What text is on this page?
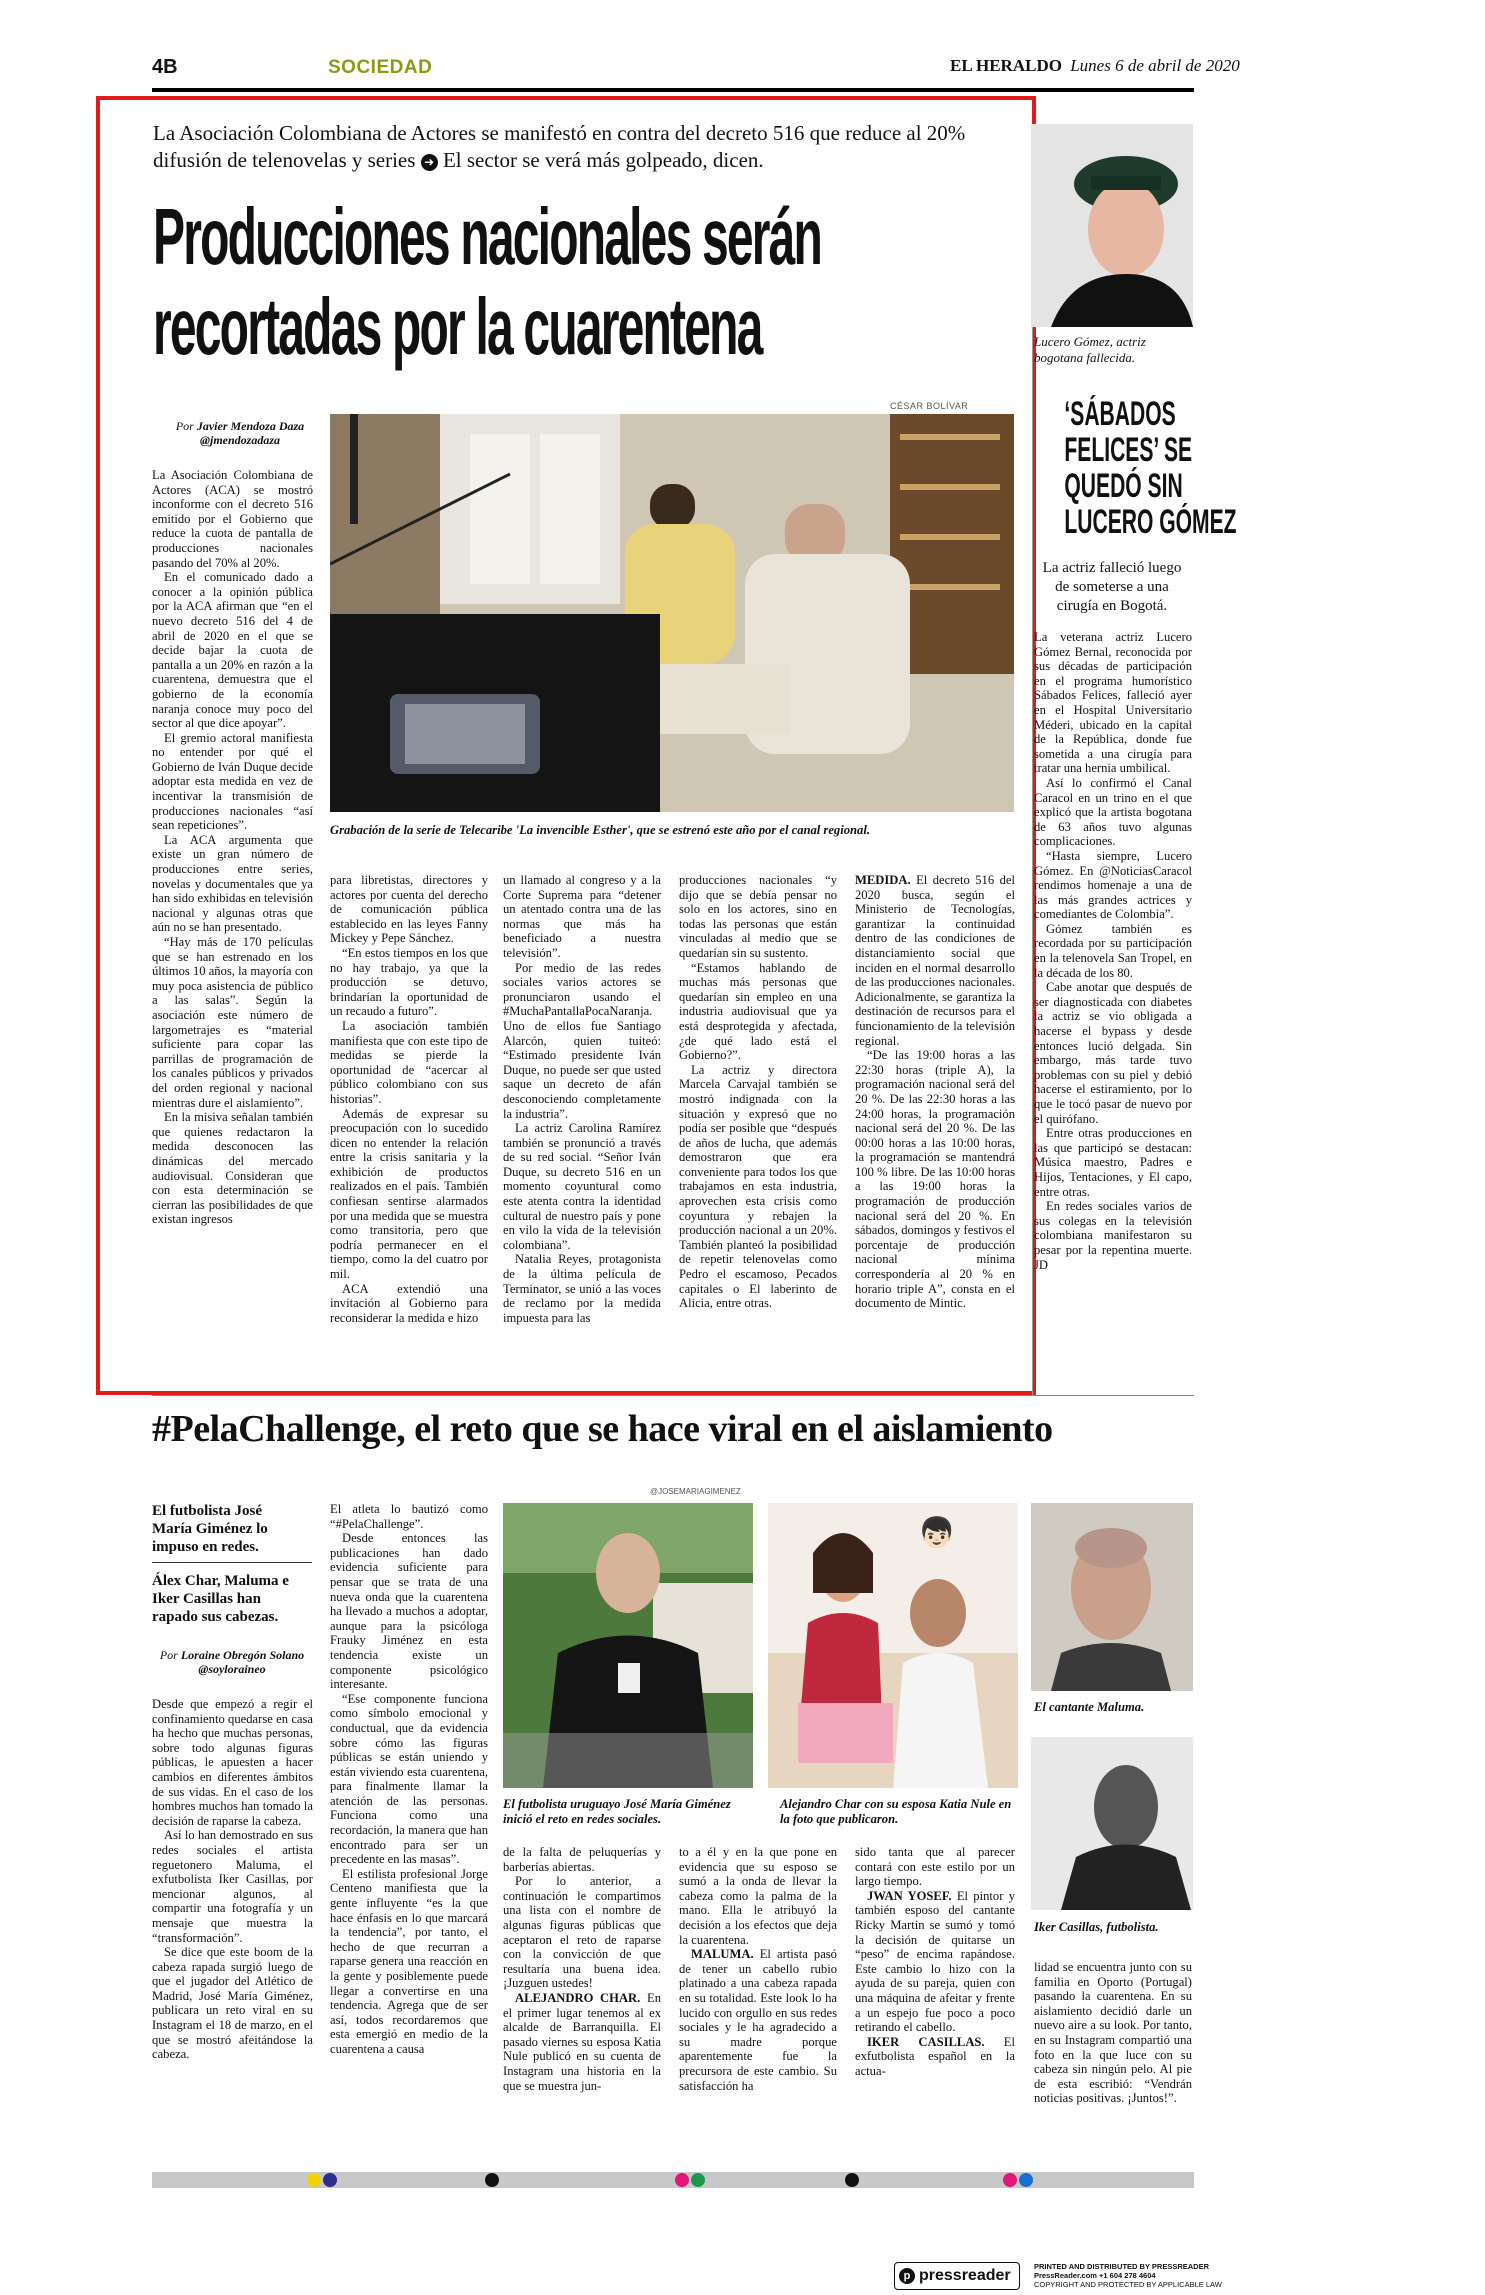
4B	SOCIEDAD	EL HERALDO Lunes 6 de abril de 2020
La Asociación Colombiana de Actores se manifestó en contra del decreto 516 que reduce al 20% difusión de telenovelas y series ➜ El sector se verá más golpeado, dicen.
Producciones nacionales serán
recortadas por la cuarentena
Por Javier Mendoza Daza
@jmendozadaza
CÉSAR BOLÍVAR
Grabación de la serie de Telecaribe 'La invencible Esther', que se estrenó este año por el canal regional.

La Asociación Colombiana de Actores (ACA) se mostró inconforme con el decreto 516 emitido por el Gobierno que reduce la cuota de pantalla de producciones nacionales pasando del 70% al 20%.

En el comunicado dado a conocer a la opinión pública por la ACA afirman que “en el nuevo decreto 516 del 4 de abril de 2020 en el que se decide bajar la cuota de pantalla a un 20% en razón a la cuarentena, demuestra que el gobierno de la economía naranja conoce muy poco del sector al que dice apoyar”.

El gremio actoral manifiesta no entender por qué el Gobierno de Iván Duque decide adoptar esta medida en vez de incentivar la transmisión de producciones nacionales “así sean repeticiones”.

La ACA argumenta que existe un gran número de producciones entre series, novelas y documentales que ya han sido exhibidas en televisión nacional y algunas otras que aún no se han presentado.

“Hay más de 170 películas que se han estrenado en los últimos 10 años, la mayoría con muy poca asistencia de público a las salas”. Según la asociación este número de largometrajes es “material suficiente para copar las parrillas de programación de los canales públicos y privados del orden regional y nacional mientras dure el aislamiento”.

En la misiva señalan también que quienes redactaron la medida desconocen las dinámicas del mercado audiovisual. Consideran que con esta determinación se cierran las posibilidades de que existan ingresos

para libretistas, directores y actores por cuenta del derecho de comunicación pública establecido en las leyes Fanny Mickey y Pepe Sánchez.

“En estos tiempos en los que no hay trabajo, ya que la producción se detuvo, brindarían la oportunidad de un recaudo a futuro”.

La asociación también manifiesta que con este tipo de medidas se pierde la oportunidad de “acercar al público colombiano con sus historias”.

Además de expresar su preocupación con lo sucedido dicen no entender la relación entre la crisis sanitaria y la exhibición de productos realizados en el país. También confiesan sentirse alarmados por una medida que se muestra como transitoria, pero que podría permanecer en el tiempo, como la del cuatro por mil.

ACA extendió una invitación al Gobierno para reconsiderar la medida e hizo

un llamado al congreso y a la Corte Suprema para “detener un atentado contra una de las normas que más ha beneficiado a nuestra televisión”.

Por medio de las redes sociales varios actores se pronunciaron usando el #MuchaPantallaPocaNaranja. Uno de ellos fue Santiago Alarcón, quien tuiteó: “Estimado presidente Iván Duque, no puede ser que usted saque un decreto de afán desconociendo completamente la industria”.

La actriz Carolina Ramírez también se pronunció a través de su red social. “Señor Iván Duque, su decreto 516 en un momento coyuntural como este atenta contra la identidad cultural de nuestro país y pone en vilo la vida de la televisión colombiana”.

Natalia Reyes, protagonista de la última película de Terminator, se unió a las voces de reclamo por la medida impuesta para las

producciones nacionales “y dijo que se debía pensar no solo en los actores, sino en todas las personas que están vinculadas al medio que se quedarían sin su sustento.

“Estamos hablando de muchas más personas que quedarían sin empleo en una industria audiovisual que ya está desprotegida y afectada, ¿de qué lado está el Gobierno?”.

La actriz y directora Marcela Carvajal también se mostró indignada con la situación y expresó que no podía ser posible que “después de años de lucha, que además demostraron que era conveniente para todos los que trabajamos en esta industria, aprovechen esta crisis como coyuntura y rebajen la producción nacional a un 20%. También planteó la posibilidad de repetir telenovelas como Pedro el escamoso, Pecados capitales o El laberinto de Alicia, entre otras.

MEDIDA. El decreto 516 del 2020 busca, según el Ministerio de Tecnologías, garantizar la continuidad dentro de las condiciones de distanciamiento social que inciden en el normal desarrollo de las producciones nacionales. Adicionalmente, se garantiza la destinación de recursos para el funcionamiento de la televisión regional.

“De las 19:00 horas a las 22:30 horas (triple A), la programación nacional será del 20 %. De las 22:30 horas a las 24:00 horas, la programación nacional será del 20 %. De las 00:00 horas a las 10:00 horas, la programación se mantendrá 100 % libre. De las 10:00 horas a las 19:00 horas la programación de producción nacional será del 20 %. En sábados, domingos y festivos el porcentaje de producción nacional mínima correspondería al 20 % en horario triple A”, consta en el documento de Mintic.

Lucero Gómez, actriz bogotana fallecida.
‘SÁBADOS
FELICES’ SE
QUEDÓ SIN
LUCERO GÓMEZ
La actriz falleció luego de someterse a una cirugía en Bogotá.

La veterana actriz Lucero Gómez Bernal, reconocida por sus décadas de participación en el programa humorístico Sábados Felices, falleció ayer en el Hospital Universitario Méderi, ubicado en la capital de la República, donde fue sometida a una cirugía para tratar una hernia umbilical.

Así lo confirmó el Canal Caracol en un trino en el que explicó que la artista bogotana de 63 años tuvo algunas complicaciones.

“Hasta siempre, Lucero Gómez. En @NoticiasCaracol rendimos homenaje a una de las más grandes actrices y comediantes de Colombia”.

Gómez también es recordada por su participación en la telenovela San Tropel, en la década de los 80.

Cabe anotar que después de ser diagnosticada con diabetes la actriz se vio obligada a hacerse el bypass y desde entonces lució delgada. Sin embargo, más tarde tuvo problemas con su piel y debió hacerse el estiramiento, por lo que le tocó pasar de nuevo por el quirófano.

Entre otras producciones en las que participó se destacan: Música maestro, Padres e Hijos, Tentaciones, y El capo, entre otras.

En redes sociales varios de sus colegas en la televisión colombiana manifestaron su pesar por la repentina muerte. JD

#PelaChallenge, el reto que se hace viral en el aislamiento
El futbolista José María Giménez lo impuso en redes.
Álex Char, Maluma e Iker Casillas han rapado sus cabezas.
Por Loraine Obregón Solano
@soyloraineo

Desde que empezó a regir el confinamiento quedarse en casa ha hecho que muchas personas, sobre todo algunas figuras públicas, le apuesten a hacer cambios en diferentes ámbitos de sus vidas. En el caso de los hombres muchos han tomado la decisión de raparse la cabeza.

Así lo han demostrado en sus redes sociales el artista reguetonero Maluma, el exfutbolista Iker Casillas, por mencionar algunos, al compartir una fotografía y un mensaje que muestra la “transformación”.

Se dice que este boom de la cabeza rapada surgió luego de que el jugador del Atlético de Madrid, José María Giménez, publicara un reto viral en su Instagram el 18 de marzo, en el que se mostró afeitándose la cabeza.

El atleta lo bautizó como “#PelaChallenge”.

Desde entonces las publicaciones han dado evidencia suficiente para pensar que se trata de una nueva onda que la cuarentena ha llevado a muchos a adoptar, aunque para la psicóloga Frauky Jiménez en esta tendencia existe un componente psicológico interesante.

“Ese componente funciona como símbolo emocional y conductual, que da evidencia sobre cómo las figuras públicas se están uniendo y están viviendo esta cuarentena, para finalmente llamar la atención de las personas. Funciona como una recordación, la manera que han encontrado para ser un precedente en las masas”.

El estilista profesional Jorge Centeno manifiesta que la gente influyente “es la que hace énfasis en lo que marcará la tendencia”, por tanto, el hecho de que recurran a raparse genera una reacción en la gente y posiblemente puede llegar a convertirse en una tendencia. Agrega que de ser así, todos recordaremos que esta emergió en medio de la cuarentena a causa

@JOSEMARIAGIMENEZ
El futbolista uruguayo José María Giménez inició el reto en redes sociales.
👦🏻
Alejandro Char con su esposa Katia Nule en la foto que publicaron.
El cantante Maluma.
Iker Casillas, futbolista.

de la falta de peluquerías y barberías abiertas.

Por lo anterior, a continuación le compartimos una lista con el nombre de algunas figuras públicas que aceptaron el reto de raparse con la convicción de que resultaría una buena idea. ¡Juzguen ustedes!

ALEJANDRO CHAR. En el primer lugar tenemos al ex alcalde de Barranquilla. El pasado viernes su esposa Katia Nule publicó en su cuenta de Instagram una historia en la que se muestra jun-

to a él y en la que pone en evidencia que su esposo se sumó a la onda de llevar la cabeza como la palma de la mano. Ella le atribuyó la decisión a los efectos que deja la cuarentena.

MALUMA. El artista pasó de tener un cabello rubio platinado a una cabeza rapada en su totalidad. Este look lo ha lucido con orgullo en sus redes sociales y le ha agradecido a su madre porque aparentemente fue la precursora de este cambio. Su satisfacción ha

sido tanta que al parecer contará con este estilo por un largo tiempo.

JWAN YOSEF. El pintor y también esposo del cantante Ricky Martin se sumó y tomó la decisión de quitarse un “peso” de encima rapándose. Este cambio lo hizo con la ayuda de su pareja, quien con una máquina de afeitar y frente a un espejo fue poco a poco retirando el cabello.

IKER CASILLAS. El exfutbolista español en la actua-

lidad se encuentra junto con su familia en Oporto (Portugal) pasando la cuarentena. En su aislamiento decidió darle un nuevo aire a su look. Por tanto, en su Instagram compartió una foto en la que luce con su cabeza sin ningún pelo. Al pie de esta escribió: “Vendrán noticias positivas. ¡Juntos!”.

p pressreader
PRINTED AND DISTRIBUTED BY PRESSREADER
PressReader.com +1 604 278 4604
COPYRIGHT AND PROTECTED BY APPLICABLE LAW
